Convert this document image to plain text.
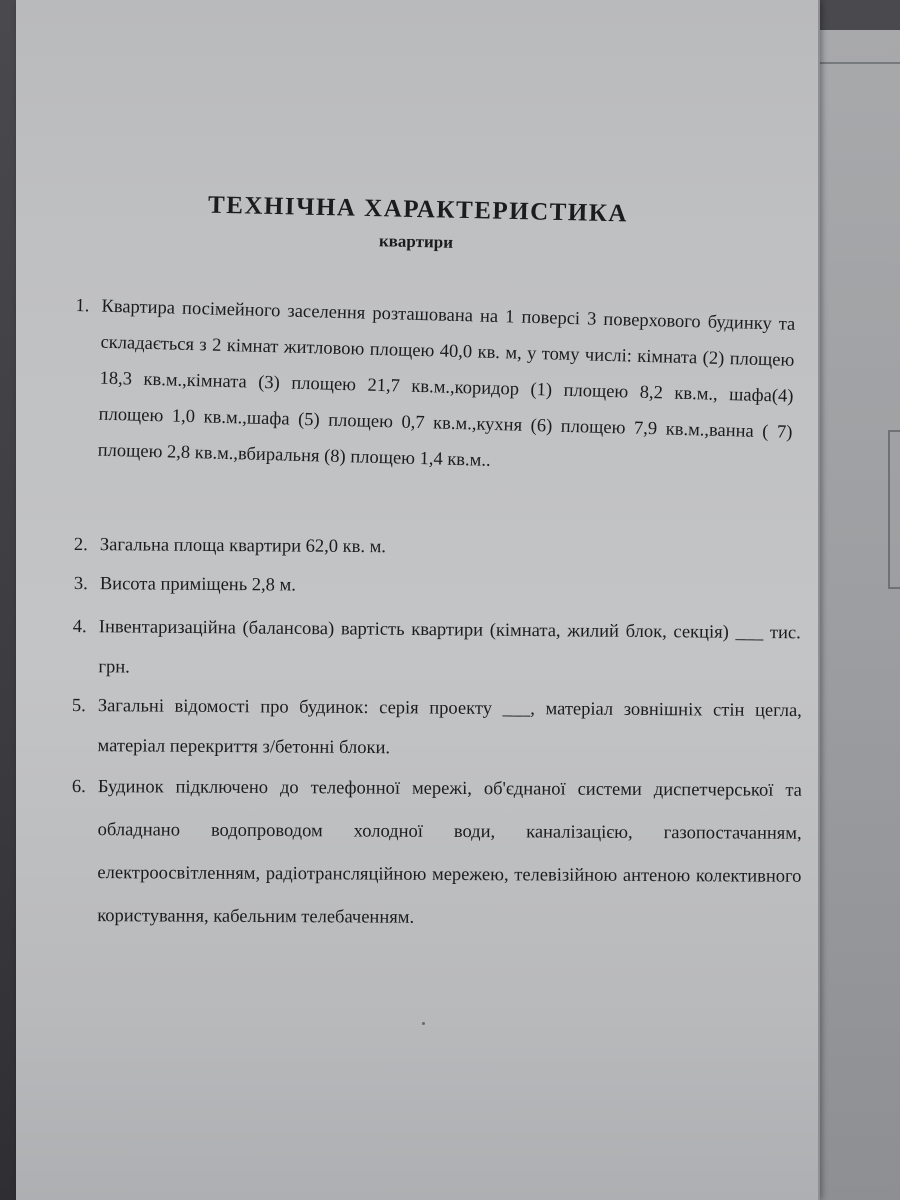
ТЕХНІЧНА ХАРАКТЕРИСТИКА
квартири
1. Квартира посімейного заселення розташована на 1 поверсі 3 поверхового будинку та складається з 2 кімнат житловою площею 40,0 кв. м, у тому числі: кімната (2) площею 18,3 кв.м.,кімната (3) площею 21,7 кв.м.,коридор (1) площею 8,2 кв.м., шафа(4) площею 1,0 кв.м.,шафа (5) площею 0,7 кв.м.,кухня (6) площею 7,9 кв.м.,ванна ( 7) площею 2,8 кв.м.,вбиральня (8) площею 1,4 кв.м..
2. Загальна площа квартири 62,0 кв. м.
3. Висота приміщень 2,8 м.
4. Інвентаризаційна (балансова) вартість квартири (кімната, жилий блок, секція) ___ тис. грн.
5. Загальні відомості про будинок: серія проекту ___, матеріал зовнішніх стін цегла, матеріал перекриття з/бетонні блоки.
6. Будинок підключено до телефонної мережі, об'єднаної системи диспетчерської та обладнано водопроводом холодної води, каналізацією, газопостачанням, електроосвітленням, радіотрансляційною мережею, телевізійною антеною колективного користування, кабельним телебаченням.
